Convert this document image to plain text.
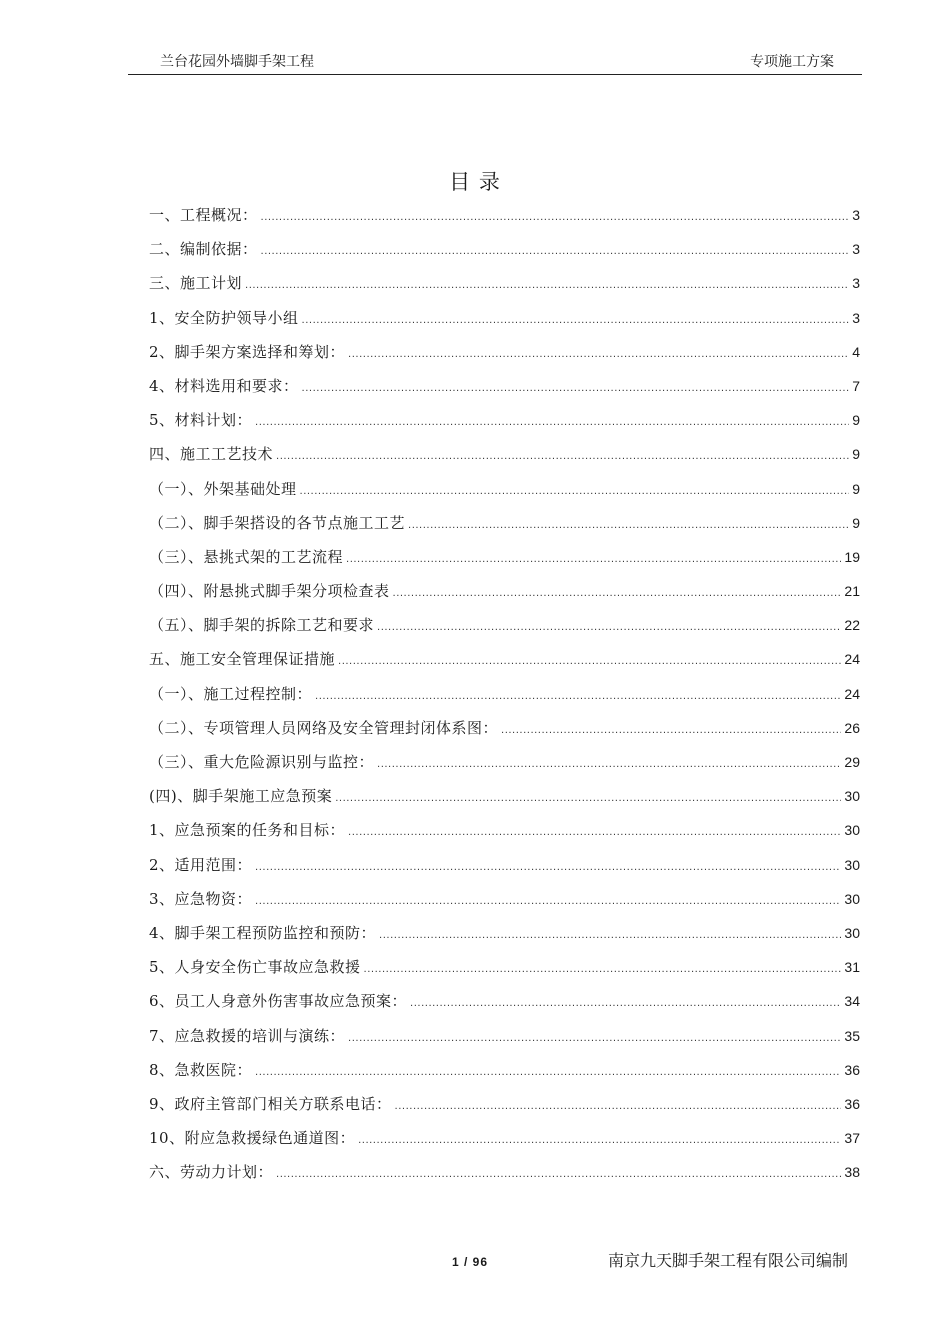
兰台花园外墙脚手架工程	专项施工方案
目 录
一、工程概况： .....	3
二、编制依据： .....	3
三、施工计划 .....	3
1、安全防护领导小组 .....	3
2、脚手架方案选择和筹划： .....	4
4、材料选用和要求： .....	7
5、材料计划： .....	9
四、施工工艺技术 .....	9
（一）、外架基础处理 .....	9
（二）、脚手架搭设的各节点施工工艺 .....	9
（三）、悬挑式架的工艺流程 .....	19
（四）、附悬挑式脚手架分项检查表 .....	21
（五）、脚手架的拆除工艺和要求 .....	22
五、施工安全管理保证措施 .....	24
（一）、施工过程控制： .....	24
（二）、专项管理人员网络及安全管理封闭体系图： .....	26
（三）、重大危险源识别与监控： .....	29
(四)、脚手架施工应急预案 .....	30
1、应急预案的任务和目标： .....	30
2、适用范围： .....	30
3、应急物资： .....	30
4、脚手架工程预防监控和预防： .....	30
5、人身安全伤亡事故应急救援 .....	31
6、员工人身意外伤害事故应急预案： .....	34
7、应急救援的培训与演练： .....	35
8、急救医院： .....	36
9、政府主管部门相关方联系电话： .....	36
10、附应急救援绿色通道图： .....	37
六、劳动力计划： .....	38
1 / 96	南京九天脚手架工程有限公司编制
